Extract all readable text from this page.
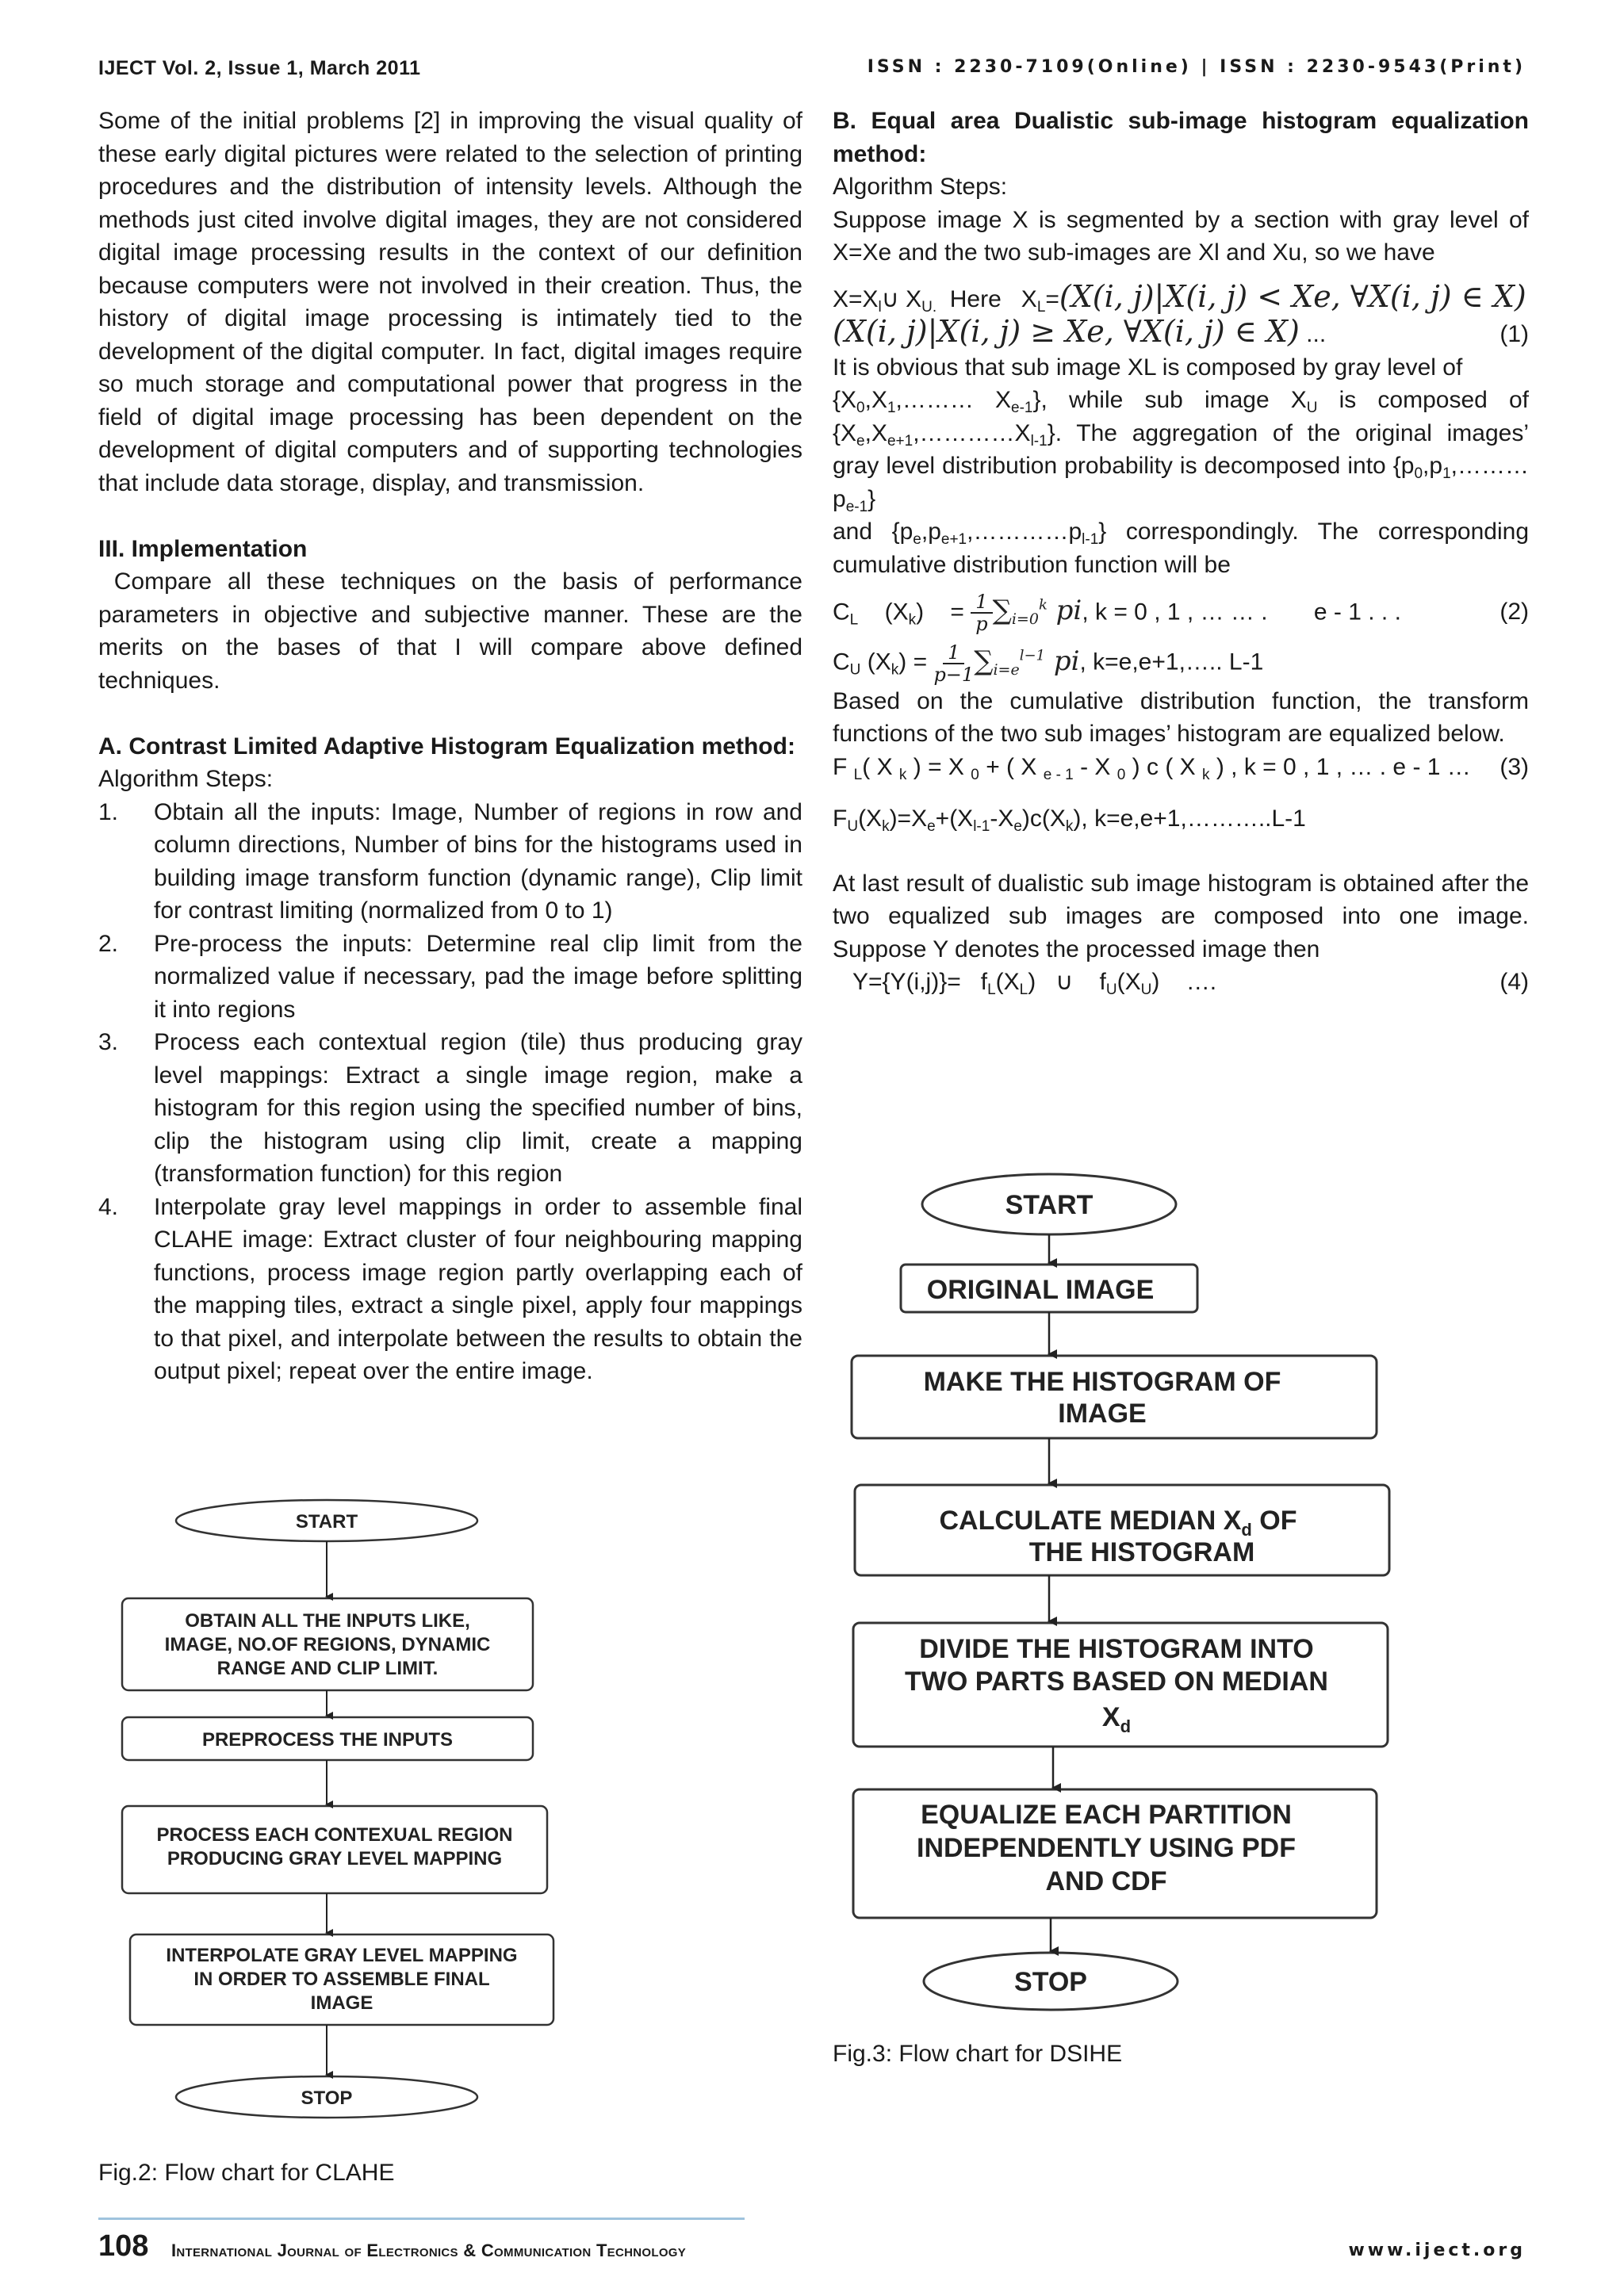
IJECT Vol. 2, Issue 1, March 2011	ISSN : 2230-7109(Online) | ISSN : 2230-9543(Print)

Some of the initial problems [2] in improving the visual quality of these early digital pictures were related to the selection of printing procedures and the distribution of intensity levels. Although the methods just cited involve digital images, they are not considered digital image processing results in the context of our definition because computers were not involved in their creation. Thus, the history of digital image processing is intimately tied to the development of the digital computer. In fact, digital images require so much storage and computational power that progress in the field of digital image processing has been dependent on the development of digital computers and of supporting technologies that include data storage, display, and transmission.

III. Implementation

Compare all these techniques on the basis of performance parameters in objective and subjective manner. These are the merits on the bases of that I will compare above defined techniques.

A. Contrast Limited Adaptive Histogram Equalization method:

Algorithm Steps:

1. Obtain all the inputs: Image, Number of regions in row and column directions, Number of bins for the histograms used in building image transform function (dynamic range), Clip limit for contrast limiting (normalized from 0 to 1)
2. Pre-process the inputs: Determine real clip limit from the normalized value if necessary, pad the image before splitting it into regions
3. Process each contextual region (tile) thus producing gray level mappings: Extract a single image region, make a histogram for this region using the specified number of bins, clip the histogram using clip limit, create a mapping (transformation function) for this region
4. Interpolate gray level mappings in order to assemble final CLAHE image: Extract cluster of four neighbouring mapping functions, process image region partly overlapping each of the mapping tiles, extract a single pixel, apply four mappings to that pixel, and interpolate between the results to obtain the output pixel; repeat over the entire image.

B. Equal area Dualistic sub-image histogram equalization method:

Algorithm Steps:

Suppose image X is segmented by a section with gray level of X=Xe and the two sub-images are Xl and Xu, so we have

$X=X_l\cup$ $X_{U.}$ Here   $X_L=(X(i$, j)|X(i, j) < Xe, ∀X(i, j) ∈ X)

(X(i, j)|X(i, j) ≥ Xe, ∀X(i, j) ∈ X) ...	(1)

It is obvious that sub image XL is composed by gray level of

{$X_0,X_1,\dots\dots\dots$ $X_{e-1}$}, while sub image $X_U$ is composed of $\{X_e,X_{e+1},\dots\dots\dots\dots X_{l-1}\}$. The aggregation of the original images’ gray level distribution probability is decomposed into {$p_0,p_1,\dots\dots\dots$ $p_{e-1}$}

and $\{p_e,p_{e+1},\dots\dots\dots\dots p_{l-1}\}$ correspondingly. The corresponding cumulative distribution function will be

$C_L$    $(X_k)$    = $\frac{1}{p} \sum_{i=0}^k$ pi, k = 0 , 1 , … … .       e - 1 . . .	(2)

$C_U$ $(X_k) = \frac{1}{p-1} \sum_{i=e}^{l-1}$ pi, k=e,e+1,….. L-1

Based on the cumulative distribution function, the transform functions of the two sub images’ histogram are equalized below.

F $_L$( X $_k$ ) = X $_0$ + ( X $_{e - 1}$ - X $_0$ ) c ( X $_k$ ) , k = 0 , 1 , … . e - 1 … (3)

$F_U(X_k)=X_e+(X_{l-1}-X_e)c(X_k)$, k=e,e+1,………..L-1

At last result of dualistic sub image histogram is obtained after the two equalized sub images are composed into one image. Suppose Y denotes the processed image then

$Y=\{Y(i,j)\}= f_L(X_L)$   ∪    $f_U(X_U)$    ….	(4)
START
OBTAIN ALL THE INPUTS LIKE,
IMAGE, NO.OF REGIONS, DYNAMIC
RANGE AND CLIP LIMIT.
PREPROCESS THE INPUTS
PROCESS EACH CONTEXUAL REGION
PRODUCING GRAY LEVEL MAPPING
INTERPOLATE GRAY LEVEL MAPPING
IN ORDER TO ASSEMBLE FINAL
IMAGE
STOP
Fig.2: Flow chart for CLAHE
START
ORIGINAL IMAGE
MAKE THE HISTOGRAM OF
IMAGE
CALCULATE MEDIAN $X_d$ OF
THE HISTOGRAM
DIVIDE THE HISTOGRAM INTO
TWO PARTS BASED ON MEDIAN
$X_d$
EQUALIZE EACH PARTITION
INDEPENDENTLY USING PDF
AND CDF
STOP
Fig.3: Flow chart for DSIHE
108 International Journal of Electronics & Communication Technology	www.iject.org
